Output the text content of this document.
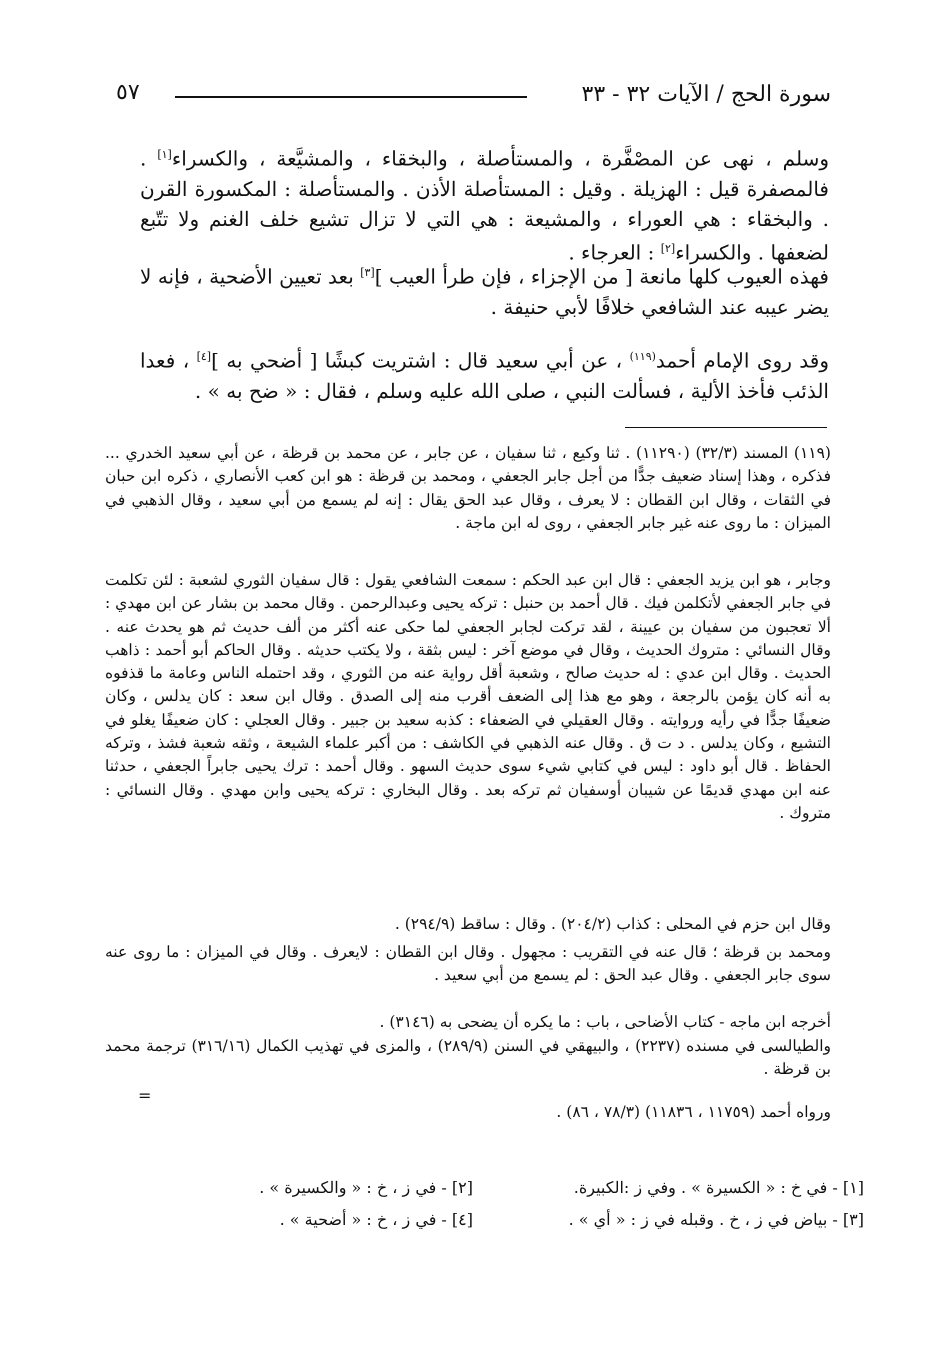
سورة الحج / الآيات ٣٢ - ٣٣
٥٧
وسلم ، نهى عن المصْفَّرة ، والمستأصلة ، والبخقاء ، والمشيَّعة ، والكسراء[١] . فالمصفرة قيل : الهزيلة . وقيل : المستأصلة الأذن . والمستأصلة : المكسورة القرن . والبخقاء : هي العوراء ، والمشيعة : هي التي لا تزال تشيع خلف الغنم ولا تتّبع لضعفها . والكسراء[٢] : العرجاء .
فهذه العيوب كلها مانعة [ من الإجزاء ، فإن طرأ العيب ][٣] بعد تعيين الأضحية ، فإنه لا يضر عيبه عند الشافعي خلافًا لأبي حنيفة .
وقد روى الإمام أحمد$^{(١١٩)}$ ، عن أبي سعيد قال : اشتريت كبشًا [ أضحي به ][٤] ، فعدا الذئب فأخذ الألية ، فسألت النبي ، صلى الله عليه وسلم ، فقال : « ضح به » .

(١١٩) المسند (٣٢/٣) (١١٢٩٠) . ثنا وكيع ، ثنا سفيان ، عن جابر ، عن محمد بن قرظة ، عن أبي سعيد الخدري ... فذكره ، وهذا إسناد ضعيف جدًّا من أجل جابر الجعفي ، ومحمد بن قرظة : هو ابن كعب الأنصاري ، ذكره ابن حبان في الثقات ، وقال ابن القطان : لا يعرف ، وقال عبد الحق يقال : إنه لم يسمع من أبي سعيد ، وقال الذهبي في الميزان : ما روى عنه غير جابر الجعفي ، روى له ابن ماجة .

وجابر ، هو ابن يزيد الجعفي : قال ابن عبد الحكم : سمعت الشافعي يقول : قال سفيان الثوري لشعبة : لئن تكلمت في جابر الجعفي لأتكلمن فيك . قال أحمد بن حنبل : تركه يحيى وعبدالرحمن . وقال محمد بن بشار عن ابن مهدي : ألا تعجبون من سفيان بن عيينة ، لقد تركت لجابر الجعفي لما حكى عنه أكثر من ألف حديث ثم هو يحدث عنه . وقال النسائي : متروك الحديث ، وقال في موضع آخر : ليس بثقة ، ولا يكتب حديثه . وقال الحاكم أبو أحمد : ذاهب الحديث . وقال ابن عدي : له حديث صالح ، وشعبة أقل رواية عنه من الثوري ، وقد احتمله الناس وعامة ما قذفوه به أنه كان يؤمن بالرجعة ، وهو مع هذا إلى الضعف أقرب منه إلى الصدق . وقال ابن سعد : كان يدلس ، وكان ضعيفًا جدًّا في رأيه وروايته . وقال العقيلي في الضعفاء : كذبه سعيد بن جبير . وقال العجلي : كان ضعيفًا يغلو في التشيع ، وكان يدلس . د ت ق . وقال عنه الذهبي في الكاشف : من أكبر علماء الشيعة ، وثقه شعبة فشذ ، وتركه الحفاظ . قال أبو داود : ليس في كتابي شيء سوى حديث السهو . وقال أحمد : ترك يحيى جابراً الجعفي ، حدثنا عنه ابن مهدي قديمًا عن شيبان أوسفيان ثم تركه بعد . وقال البخاري : تركه يحيى وابن مهدي . وقال النسائي : متروك .

وقال ابن حزم في المحلى : كذاب (٢٠٤/٢) . وقال : ساقط (٢٩٤/٩) .

ومحمد بن قرظة ؛ قال عنه في التقريب : مجهول . وقال ابن القطان : لايعرف . وقال في الميزان : ما روى عنه سوى جابر الجعفي . وقال عبد الحق : لم يسمع من أبي سعيد .

أخرجه ابن ماجه - كتاب الأضاحى ، باب : ما يكره أن يضحى به (٣١٤٦) .

والطيالسى في مسنده (٢٢٣٧) ، والبيهقي في السنن (٢٨٩/٩) ، والمزى في تهذيب الكمال (٣١٦/١٦) ترجمة محمد بن قرظة .

=

ورواه أحمد (١١٧٥٩ ، ١١٨٣٦) (٧٨/٣ ، ٨٦) .

[١] - في خ : « الكسيرة » . وفي ز :الكبيرة.
[٢] - في ز ، خ : « والكسيرة » .
[٣] - بياض في ز ، خ . وقبله في ز : « أي » .
[٤] - في ز ، خ : « أضحية » .
